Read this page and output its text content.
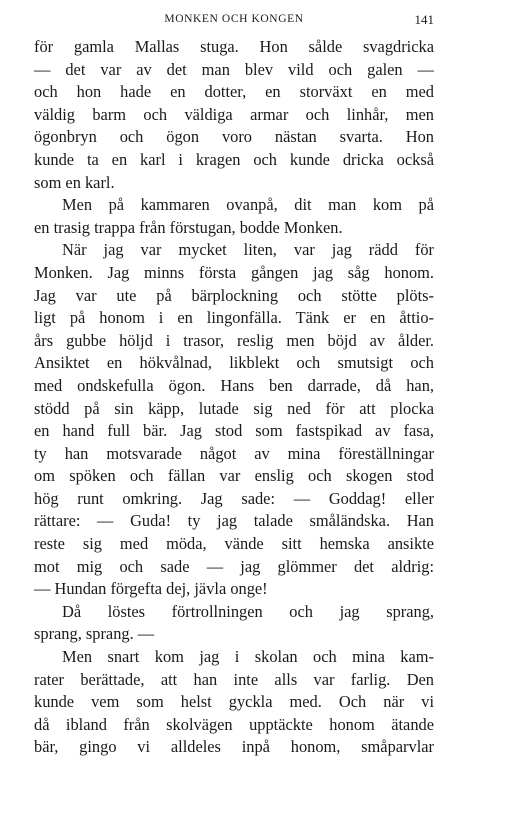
MONKEN OCH KONGEN	141
för gamla Mallas stuga. Hon sålde svagdricka
— det var av det man blev vild och galen —
och hon hade en dotter, en storväxt en med
väldig barm och väldiga armar och linhår, men
ögonbryn och ögon voro nästan svarta. Hon
kunde ta en karl i kragen och kunde dricka också
som en karl.
Men på kammaren ovanpå, dit man kom på
en trasig trappa från förstugan, bodde Monken.
När jag var mycket liten, var jag rädd för
Monken. Jag minns första gången jag såg honom.
Jag var ute på bärplockning och stötte plöts-
ligt på honom i en lingonfälla. Tänk er en åttio-
års gubbe höljd i trasor, reslig men böjd av ålder.
Ansiktet en hökvålnad, likblekt och smutsigt och
med ondskefulla ögon. Hans ben darrade, då han,
stödd på sin käpp, lutade sig ned för att plocka
en hand full bär. Jag stod som fastspikad av fasa,
ty han motsvarade något av mina föreställningar
om spöken och fällan var enslig och skogen stod
hög runt omkring. Jag sade: — Goddag! eller
rättare: — Guda! ty jag talade småländska. Han
reste sig med möda, vände sitt hemska ansikte
mot mig och sade — jag glömmer det aldrig:
— Hundan förgefta dej, jävla onge!
Då löstes förtrollningen och jag sprang,
sprang, sprang. —
Men snart kom jag i skolan och mina kam-
rater berättade, att han inte alls var farlig. Den
kunde vem som helst gyckla med. Och när vi
då ibland från skolvägen upptäckte honom ätande
bär, gingo vi alldeles inpå honom, småparvlar
